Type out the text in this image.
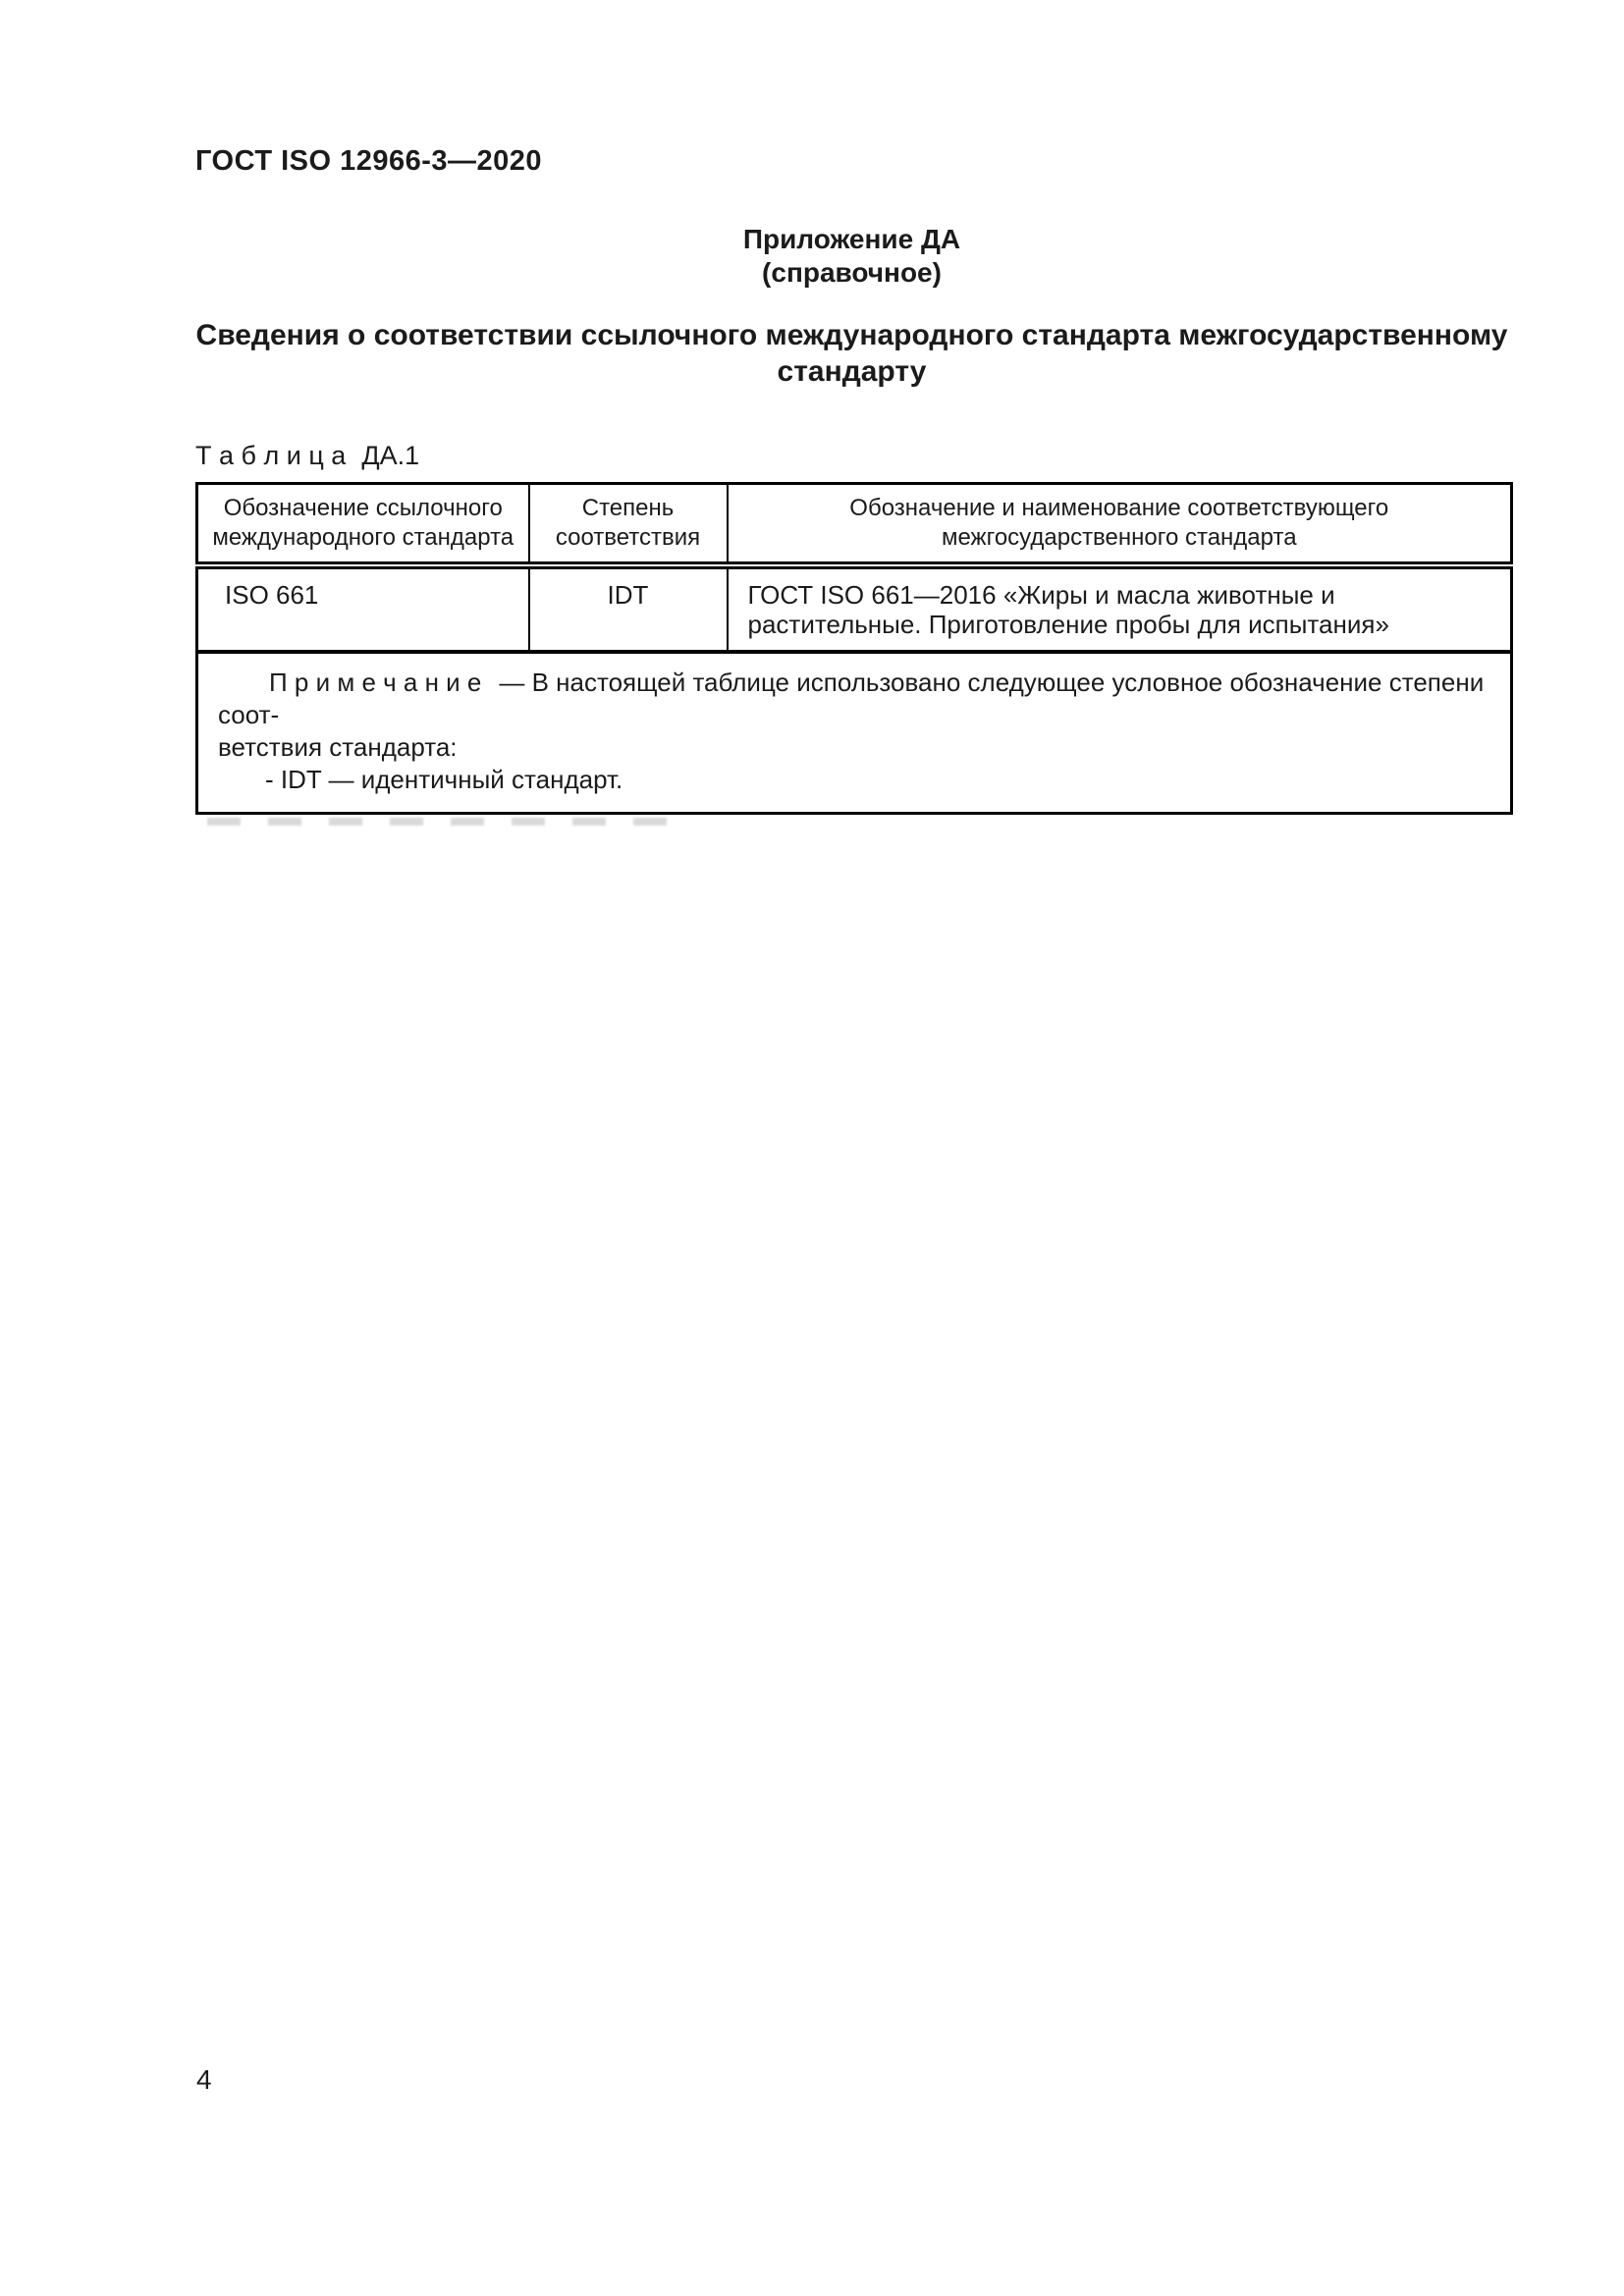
ГОСТ ISO 12966-3—2020
Приложение ДА
(справочное)
Сведения о соответствии ссылочного международного стандарта межгосударственному стандарту
Т а б л и ц а ДА.1
Обозначение ссылочного международного стандарта	Степень соответствия	Обозначение и наименование соответствующего межгосударственного стандарта
ISO 661	IDT	ГОСТ ISO 661—2016 «Жиры и масла животные и растительные. Приготовление пробы для испытания»

П р и м е ч а н и е — В настоящей таблице использовано следующее условное обозначение степени соот-
ветствия стандарта:
- IDT — идентичный стандарт.		
4
